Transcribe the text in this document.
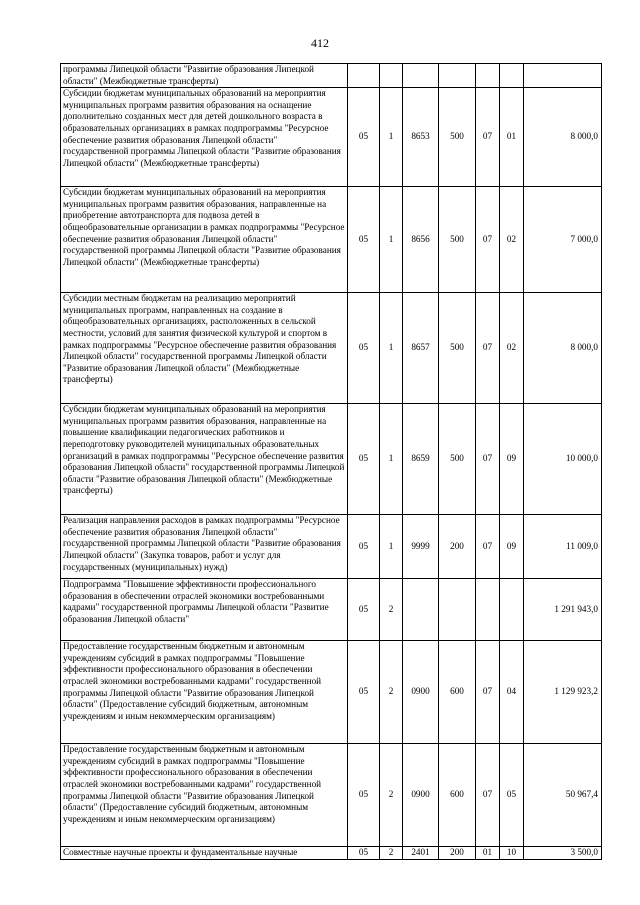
412
программы Липецкой области "Развитие образования Липецкой области" (Межбюджетные трансферты)							
Субсидии бюджетам муниципальных образований на мероприятия муниципальных программ развития образования на оснащение дополнительно созданных мест для детей дошкольного возраста в образовательных организациях в рамках подпрограммы "Ресурсное обеспечение развития образования Липецкой области" государственной программы Липецкой области "Развитие образования Липецкой области" (Межбюджетные трансферты)	05	1	8653	500	07	01	8 000,0
Субсидии бюджетам муниципальных образований на мероприятия муниципальных программ развития образования, направленные на приобретение автотранспорта для подвоза детей в общеобразовательные организации в рамках подпрограммы "Ресурсное обеспечение развития образования Липецкой области" государственной программы Липецкой области "Развитие образования Липецкой области" (Межбюджетные трансферты)	05	1	8656	500	07	02	7 000,0
Субсидии местным бюджетам на реализацию мероприятий муниципальных программ, направленных на создание в общеобразовательных организациях, расположенных в сельской местности, условий для занятия физической культурой и спортом в рамках подпрограммы "Ресурсное обеспечение развития образования Липецкой области" государственной программы Липецкой области "Развитие образования Липецкой области" (Межбюджетные трансферты)	05	1	8657	500	07	02	8 000,0
Субсидии бюджетам муниципальных образований на мероприятия муниципальных программ развития образования, направленные на повышение квалификации педагогических работников и переподготовку руководителей муниципальных образовательных организаций в рамках подпрограммы "Ресурсное обеспечение развития образования Липецкой области" государственной программы Липецкой области "Развитие образования Липецкой области" (Межбюджетные трансферты)	05	1	8659	500	07	09	10 000,0
Реализация направления расходов в рамках подпрограммы "Ресурсное обеспечение развития образования Липецкой области" государственной программы Липецкой области "Развитие образования Липецкой области" (Закупка товаров, работ и услуг для государственных (муниципальных) нужд)	05	1	9999	200	07	09	11 009,0
Подпрограмма "Повышение эффективности профессионального образования в обеспечении отраслей экономики востребованными кадрами" государственной программы Липецкой области "Развитие образования Липецкой области"	05	2					1 291 943,0
Предоставление государственным бюджетным и автономным учреждениям субсидий в рамках подпрограммы "Повышение эффективности профессионального образования в обеспечении отраслей экономики востребованными кадрами" государственной программы Липецкой области "Развитие образования Липецкой области" (Предоставление субсидий бюджетным, автономным учреждениям и иным некоммерческим организациям)	05	2	0900	600	07	04	1 129 923,2
Предоставление государственным бюджетным и автономным учреждениям субсидий в рамках подпрограммы "Повышение эффективности профессионального образования в обеспечении отраслей экономики востребованными кадрами" государственной программы Липецкой области "Развитие образования Липецкой области" (Предоставление субсидий бюджетным, автономным учреждениям и иным некоммерческим организациям)	05	2	0900	600	07	05	50 967,4
Совместные научные проекты и фундаментальные научные	05	2	2401	200	01	10	3 500,0
